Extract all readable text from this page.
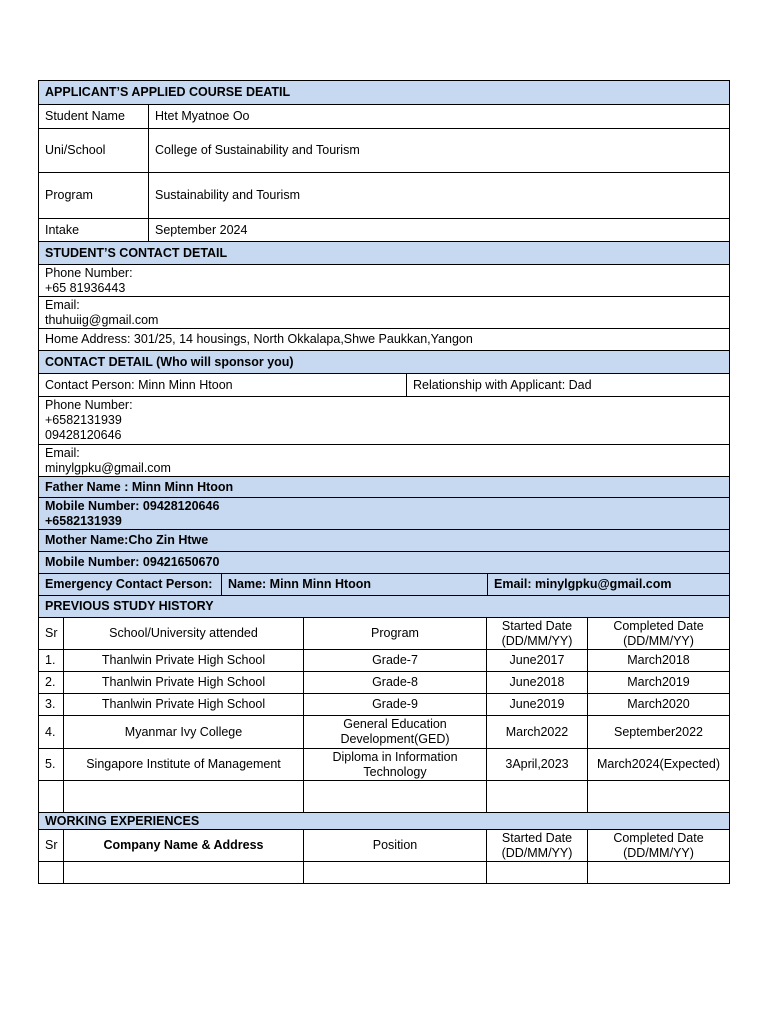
APPLICANT’S APPLIED COURSE DEATIL	
Student Name	Htet Myatnoe Oo
Uni/School	College of Sustainability and Tourism
Program	Sustainability and Tourism
Intake	September 2024
STUDENT’S CONTACT DETAIL

Phone Number:
+65 81936443

Email:
thuhuiig@gmail.com

Home Address: 301/25, 14 housings, North Okkalapa,Shwe Paukkan,Yangon
CONTACT DETAIL (Who will sponsor you)
Contact Person: Minn Minn Htoon	Relationship with Applicant: Dad

Phone Number:
+6582131939
09428120646

Email:
minylgpku@gmail.com
Father Name : Minn Minn Htoon

Mobile Number: 09428120646
+6582131939

Mother Name:Cho Zin Htwe
Mobile Number: 09421650670
Emergency Contact Person:	Name: Minn Minn Htoon	Email: minylgpku@gmail.com
PREVIOUS STUDY HISTORY				
Sr	School/University attended	Program	Started Date (DD/MM/YY)	Completed Date (DD/MM/YY)
1.	Thanlwin Private High School	Grade-7	June2017	March2018
2.	Thanlwin Private High School	Grade-8	June2018	March2019
3.	Thanlwin Private High School	Grade-9	June2019	March2020
4.	Myanmar Ivy College	General Education Development(GED)	March2022	September2022
5.	Singapore Institute of Management	Diploma in Information Technology	3April,2023	March2024(Expected)

WORKING EXPERIENCES				
Sr	Company Name & Address	Position	Started Date (DD/MM/YY)	Completed Date (DD/MM/YY)
